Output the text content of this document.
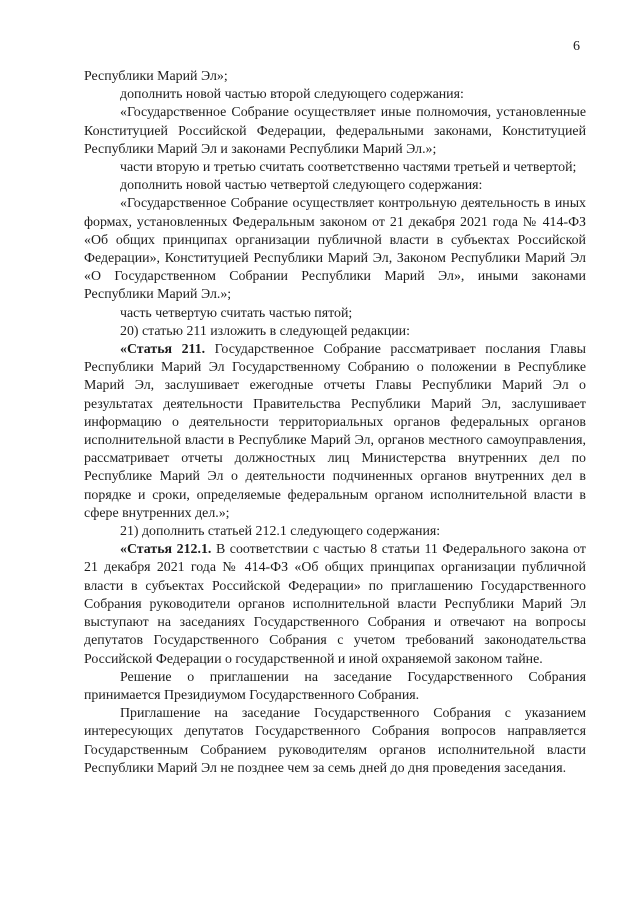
6

Республики Марий Эл»;

дополнить новой частью второй следующего содержания:

«Государственное Собрание осуществляет иные полномочия, установленные Конституцией Российской Федерации, федеральными законами, Конституцией Республики Марий Эл и законами Республики Марий Эл.»;

части вторую и третью считать соответственно частями третьей и четвертой;

дополнить новой частью четвертой следующего содержания:

«Государственное Собрание осуществляет контрольную деятельность в иных формах, установленных Федеральным законом от 21 декабря 2021 года № 414-ФЗ «Об общих принципах организации публичной власти в субъектах Российской Федерации», Конституцией Республики Марий Эл, Законом Республики Марий Эл «О Государственном Собрании Республики Марий Эл», иными законами Республики Марий Эл.»;

часть четвертую считать частью пятой;

20) статью 211 изложить в следующей редакции:

«Статья 211. Государственное Собрание рассматривает послания Главы Республики Марий Эл Государственному Собранию о положении в Республике Марий Эл, заслушивает ежегодные отчеты Главы Республики Марий Эл о результатах деятельности Правительства Республики Марий Эл, заслушивает информацию о деятельности территориальных органов федеральных органов исполнительной власти в Республике Марий Эл, органов местного самоуправления, рассматривает отчеты должностных лиц Министерства внутренних дел по Республике Марий Эл о деятельности подчиненных органов внутренних дел в порядке и сроки, определяемые федеральным органом исполнительной власти в сфере внутренних дел.»;

21) дополнить статьей 212.1 следующего содержания:

«Статья 212.1. В соответствии с частью 8 статьи 11 Федерального закона от 21 декабря 2021 года № 414-ФЗ «Об общих принципах организации публичной власти в субъектах Российской Федерации» по приглашению Государственного Собрания руководители органов исполнительной власти Республики Марий Эл выступают на заседаниях Государственного Собрания и отвечают на вопросы депутатов Государственного Собрания с учетом требований законодательства Российской Федерации о государственной и иной охраняемой законом тайне.

Решение о приглашении на заседание Государственного Собрания принимается Президиумом Государственного Собрания.

Приглашение на заседание Государственного Собрания с указанием интересующих депутатов Государственного Собрания вопросов направляется Государственным Собранием руководителям органов исполнительной власти Республики Марий Эл не позднее чем за семь дней до дня проведения заседания.
